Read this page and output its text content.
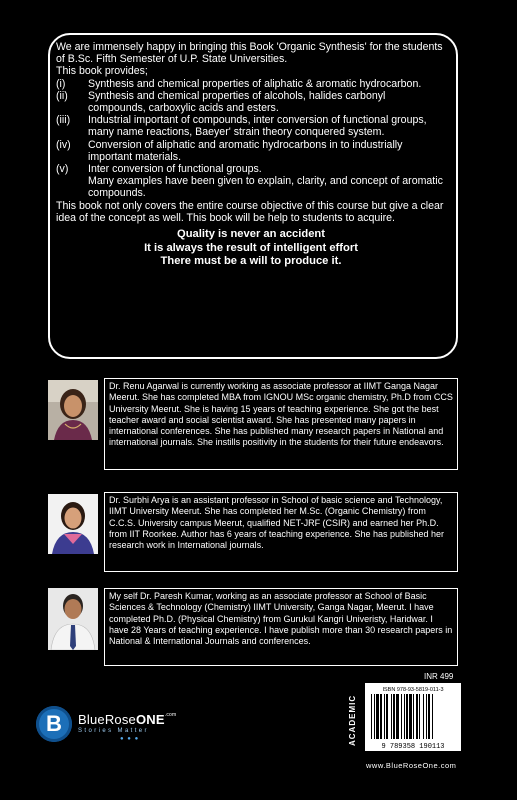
We are immensely happy in bringing this Book 'Organic Synthesis' for the students of B.Sc. Fifth Semester of U.P. State Universities.

This book provides;

(i)	Synthesis and chemical properties of aliphatic & aromatic hydrocarbon.
(ii)	Synthesis and chemical properties of alcohols, halides carbonyl compounds, carboxylic acids and esters.
(iii)	Industrial important of compounds, inter conversion of functional groups, many name reactions, Baeyer' strain theory conquered system.
(iv)	Conversion of aliphatic and aromatic hydrocarbons in to industrially important materials.
(v)	Inter conversion of functional groups.
Many examples have been given to explain, clarity, and concept of aromatic compounds.

This book not only covers the entire course objective of this course but give a clear idea of the concept as well. This book will be help to students to acquire.

Quality is never an accident
It is always the result of intelligent effort
There must be a will to produce it.
Dr. Renu Agarwal is currently working as associate professor at IIMT Ganga Nagar Meerut. She has completed MBA from IGNOU MSc organic chemistry, Ph.D from CCS University Meerut. She is having 15 years of teaching experience. She got the best teacher award and social scientist award. She has presented many papers in international conferences. She has published many research papers in National and international journals. She instills positivity in the students for their future endeavors.
Dr. Surbhi Arya is an assistant professor in School of basic science and Technology, IIMT University Meerut. She has completed her M.Sc. (Organic Chemistry) from C.C.S. University campus Meerut, qualified NET-JRF (CSIR) and earned her Ph.D. from IIT Roorkee. Author has 6 years of teaching experience. She has published her research work in International journals.
My self Dr. Paresh Kumar, working as an associate professor at School of Basic Sciences & Technology (Chemistry) IIMT University, Ganga Nagar, Meerut. I have completed Ph.D. (Physical Chemistry) from Gurukul Kangri Univeristy, Haridwar. I have 28 Years of teaching experience. I have publish more than 30 research papers in National & International Journals and conferences.
INR 499
B BlueRoseONE$^{.com}$
Stories Matter
● ● ●	ACADEMIC
ISBN 978-93-5819-011-3
9 789358 190113
www.BlueRoseOne.com
